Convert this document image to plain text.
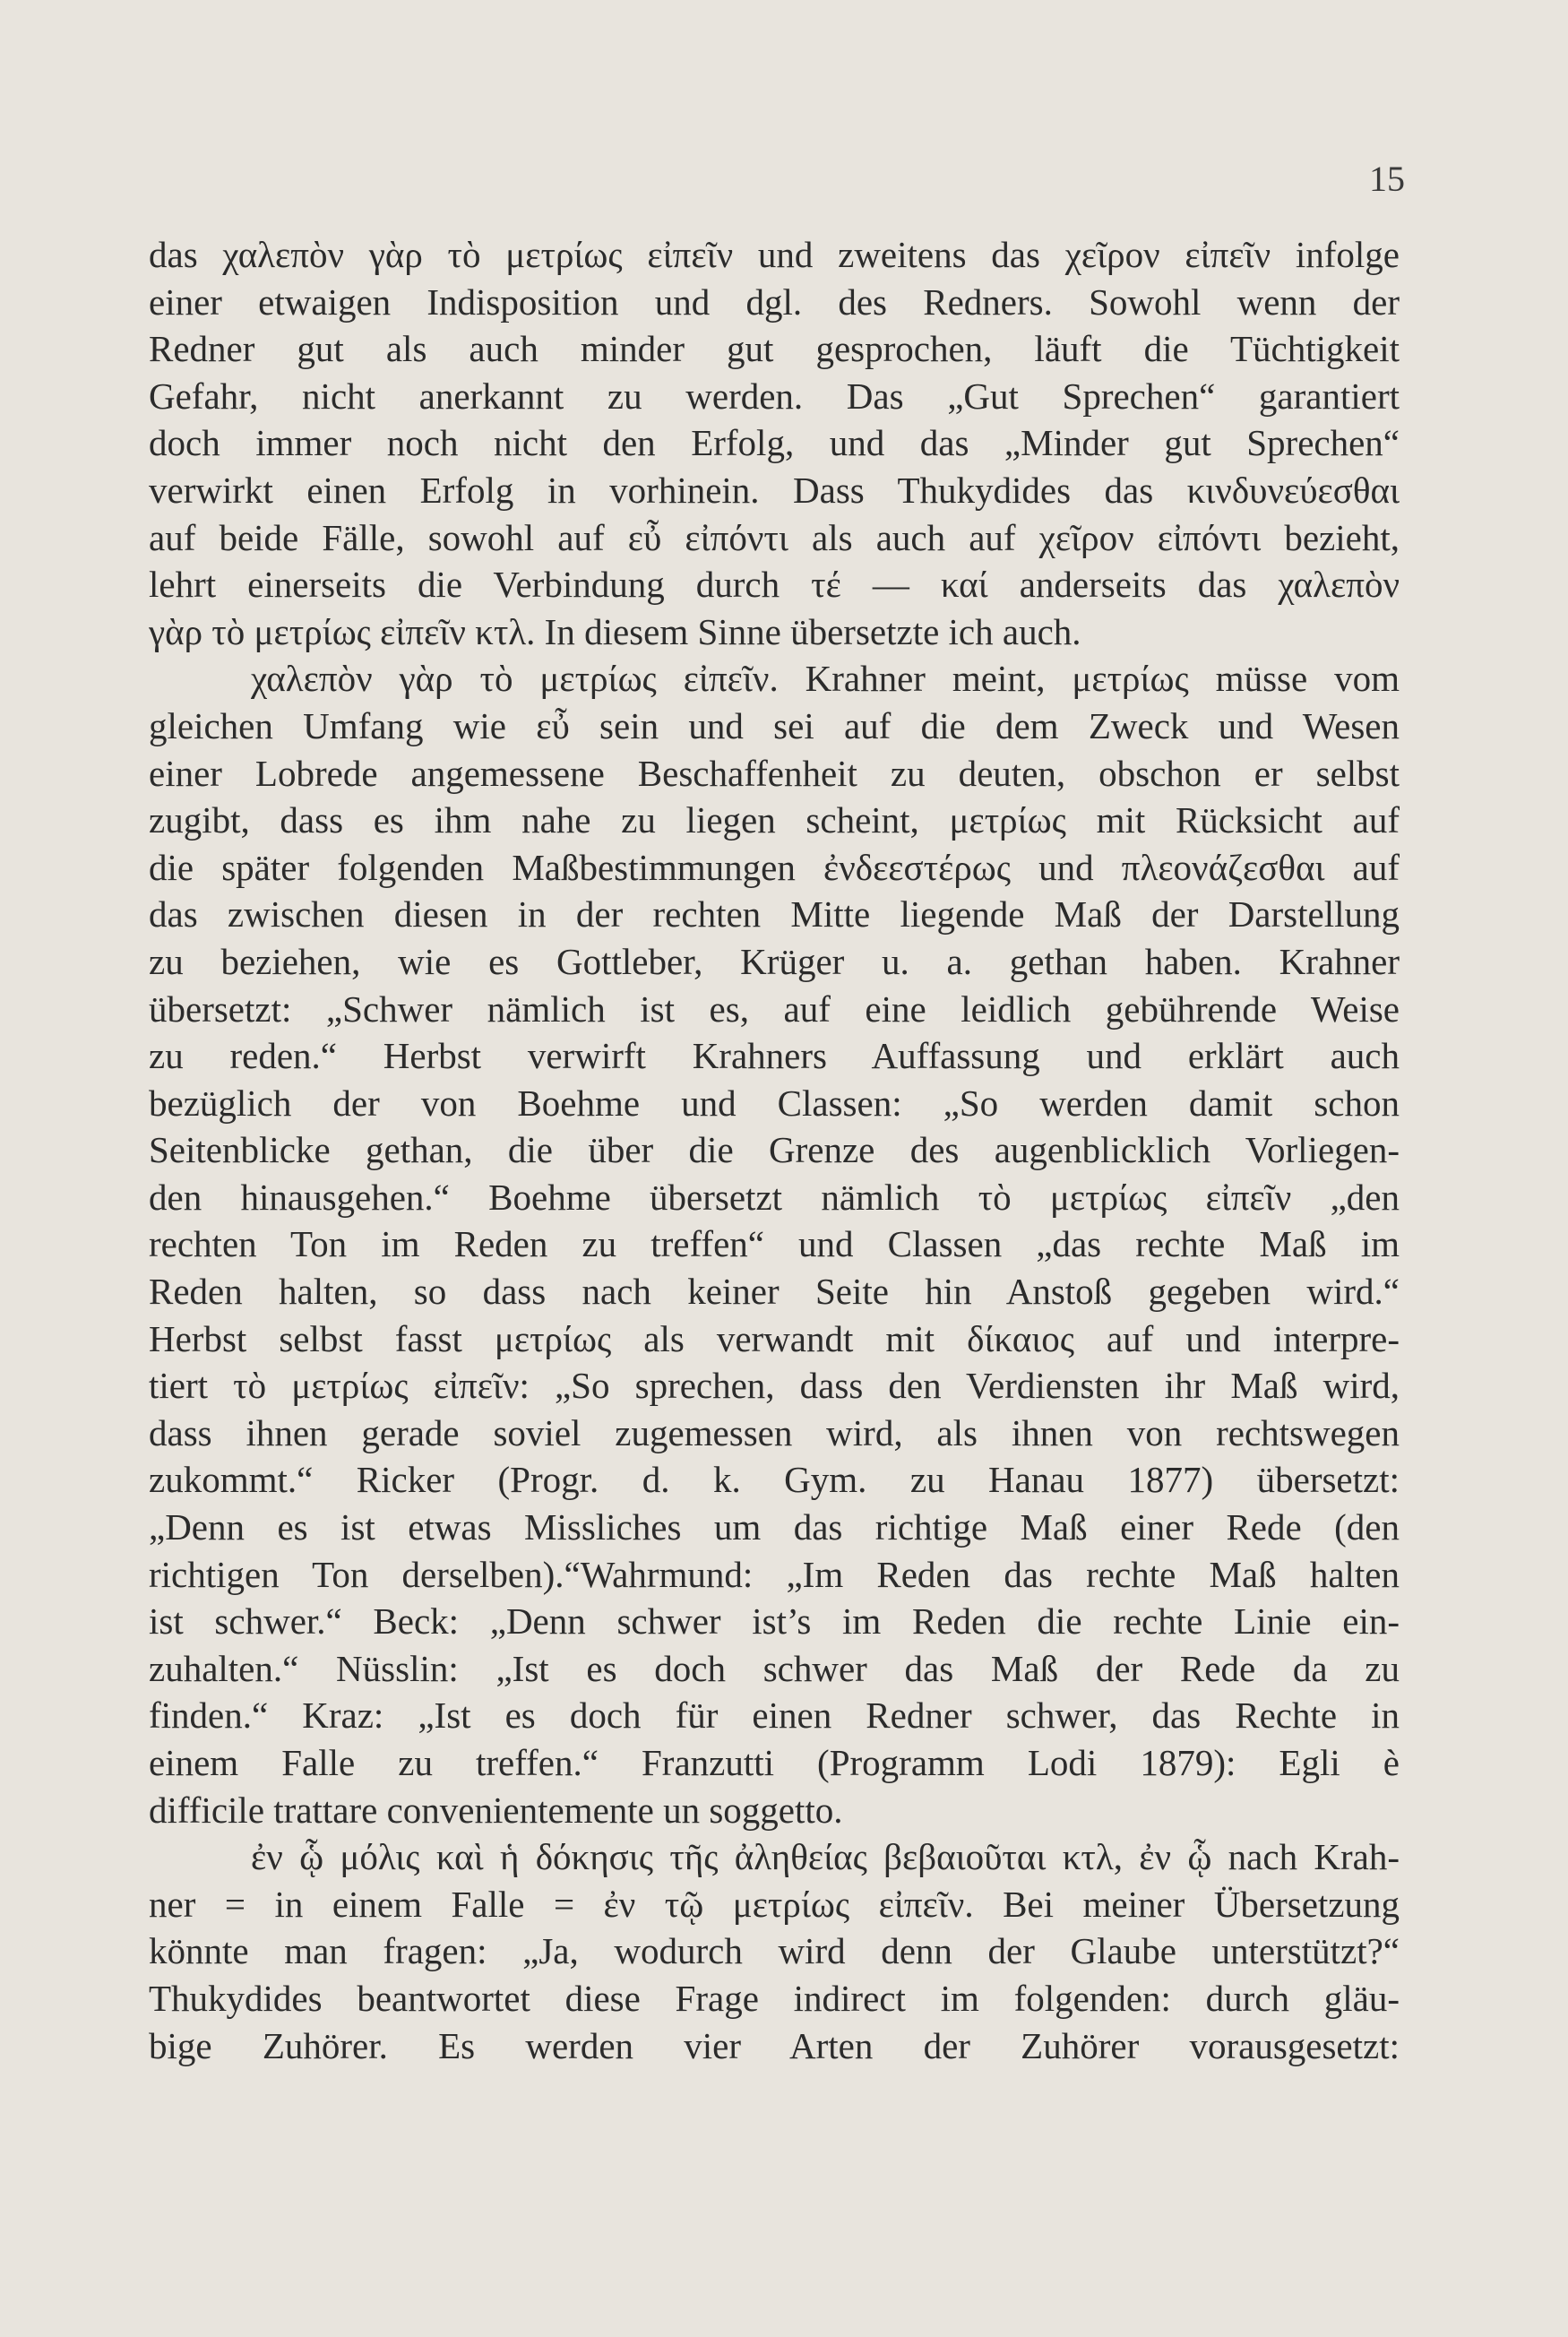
15
das χαλεπὸν γὰρ τὸ μετρίως εἰπεῖν und zweitens das χεῖρον εἰπεῖν infolge
einer etwaigen Indisposition und dgl. des Redners. Sowohl wenn der
Redner gut als auch minder gut gesprochen, läuft die Tüchtigkeit
Gefahr, nicht anerkannt zu werden. Das „Gut Sprechen“ garantiert
doch immer noch nicht den Erfolg, und das „Minder gut Sprechen“
verwirkt einen Erfolg in vorhinein. Dass Thukydides das κινδυνεύεσθαι
auf beide Fälle, sowohl auf εὖ εἰπόντι als auch auf χεῖρον εἰπόντι bezieht,
lehrt einerseits die Verbindung durch τέ — καί anderseits das χαλεπὸν
γὰρ τὸ μετρίως εἰπεῖν κτλ. In diesem Sinne übersetzte ich auch.
χαλεπὸν γὰρ τὸ μετρίως εἰπεῖν. Krahner meint, μετρίως müsse vom
gleichen Umfang wie εὖ sein und sei auf die dem Zweck und Wesen
einer Lobrede angemessene Beschaffenheit zu deuten, obschon er selbst
zugibt, dass es ihm nahe zu liegen scheint, μετρίως mit Rücksicht auf
die später folgenden Maßbestimmungen ἐνδεεστέρως und πλεονάζεσθαι auf
das zwischen diesen in der rechten Mitte liegende Maß der Darstellung
zu beziehen, wie es Gottleber, Krüger u. a. gethan haben. Krahner
übersetzt: „Schwer nämlich ist es, auf eine leidlich gebührende Weise
zu reden.“ Herbst verwirft Krahners Auffassung und erklärt auch
bezüglich der von Boehme und Classen: „So werden damit schon
Seitenblicke gethan, die über die Grenze des augenblicklich Vorliegen-
den hinausgehen.“ Boehme übersetzt nämlich τὸ μετρίως εἰπεῖν „den
rechten Ton im Reden zu treffen“ und Classen „das rechte Maß im
Reden halten, so dass nach keiner Seite hin Anstoß gegeben wird.“
Herbst selbst fasst μετρίως als verwandt mit δίκαιος auf und interpre-
tiert τὸ μετρίως εἰπεῖν: „So sprechen, dass den Verdiensten ihr Maß wird,
dass ihnen gerade soviel zugemessen wird, als ihnen von rechtswegen
zukommt.“ Ricker (Progr. d. k. Gym. zu Hanau 1877) übersetzt:
„Denn es ist etwas Missliches um das richtige Maß einer Rede (den
richtigen Ton derselben).“Wahrmund: „Im Reden das rechte Maß halten
ist schwer.“ Beck: „Denn schwer ist’s im Reden die rechte Linie ein-
zuhalten.“ Nüsslin: „Ist es doch schwer das Maß der Rede da zu
finden.“ Kraz: „Ist es doch für einen Redner schwer, das Rechte in
einem Falle zu treffen.“ Franzutti (Programm Lodi 1879): Egli è
difficile trattare convenientemente un soggetto.
ἐν ᾧ μόλις καὶ ἡ δόκησις τῆς ἀληθείας βεβαιοῦται κτλ, ἐν ᾧ nach Krah-
ner = in einem Falle = ἐν τῷ μετρίως εἰπεῖν. Bei meiner Übersetzung
könnte man fragen: „Ja, wodurch wird denn der Glaube unterstützt?“
Thukydides beantwortet diese Frage indirect im folgenden: durch gläu-
bige Zuhörer. Es werden vier Arten der Zuhörer vorausgesetzt:
